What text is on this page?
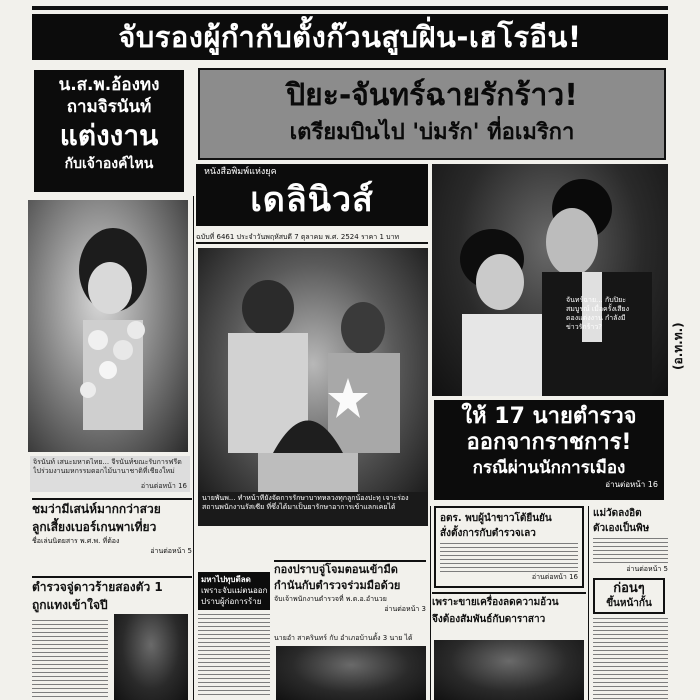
จับรองผู้กำกับตั้งก๊วนสูบฝิ่น-เฮโรอีน!
น.ส.พ.อ้องทง
ถามจิรนันท์
แต่งงาน
กับเจ้าองค์ไหน
ปิยะ-จันทร์ฉายรักร้าว!
เตรียมบินไป 'บ่มรัก' ที่อเมริกา
หนังสือพิมพ์แห่งยุค
เดลินิวส์
ฉบับที่ 6461 ประจำวันพฤหัสบดี 7 ตุลาคม พ.ศ. 2524 ราคา 1 บาท
จิรนันท์ เสนะมหาดไทย... จีรนันท์ขณะรับการฟรีดไปร่วมงานมหกรรมดอกไม้นานาชาติที่เชียงใหม่
อ่านต่อหน้า 16
นายพันพ... ทำหน้าที่ยังจัดการรักษาบาทหลวงทุกลูกน้องปะทุ เจาะร่องสถานพนักงานรัสเซีย ที่ซึ่งได้มาเป็นยารักษาอาการเข้าแลกเคยได้
จันทร์ฉาย... กับปิยะ สมบูรณ์ เมื่อครั้งเสียงดองแต่งงาน กำลังมีข่าวรักร้าว?	(อ.ท.ท.)
ให้ 17 นายตำรวจ
ออกจากราชการ!
กรณีผ่านนักการเมือง
อ่านต่อหน้า 16
ชมว่ามีเสน่ห์มากกว่าสวย
ลูกเสี้ยงเบอร์เกนพาเที่ยว
ชื่อเล่นนิตยสาร พ.ศ.พ. ที่ต้อง
อ่านต่อหน้า 5
ตำรวจจู่ดาวร้ายสองตัว 1
ถูกแทงเข้าใจปี
มหาไปทุบตีลด
เพราะจับแม่ตนออก
ปราบผู้ก่อการร้าย
กองปราบจู่โจมตอนเข้ามืด
กำนันกับตำรวจร่วมมือด้วย
จับเจ้าพนักงานตำรวจที่ พ.ต.อ.อำนวย
อ่านต่อหน้า 3
นายอำ สาครินทร์ กับ อำเภอบ้านตั้ง 3 นาย ได้
อตร. พบผู้นำขาวโต้ยืนยัน
สั่งตั้งการกับตำรวจเลว
อ่านต่อหน้า 16
เพราะขายเครื่องลดความอ้วน
จึงต้องสัมพันธ์กับดาราสาว
แม่วัดลงอิต
ตัวเองเป็นพิษ
อ่านต่อหน้า 5
ก่อนๆ
ขึ้นหน้ากั้น
